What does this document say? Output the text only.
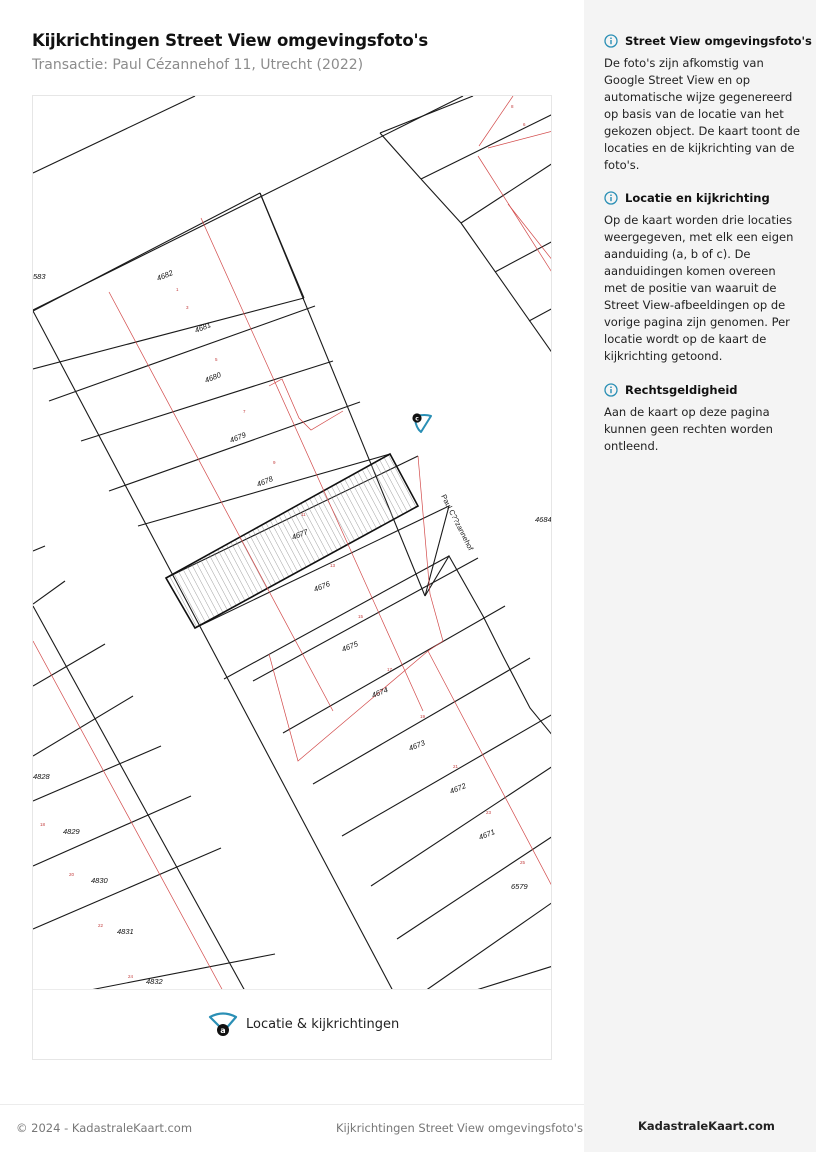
Kijkrichtingen Street View omgevingsfoto's
Transactie: Paul Cézannehof 11, Utrecht (2022)
Paul C??zannehof
583	4682
4681
4680
4679
4678
4677
4676
4675
4674
4673
4672
4671
6579
4684
4828
4829
4830
4831
4832
1
3
5
7
9
11
13
15
17
19
21
23
25
8
6
18
20
22
24
c
a Locatie & kijkrichtingen
Street View omgevingsfoto's
De foto's zijn afkomstig van Google Street View en op automatische wijze gegenereerd op basis van de locatie van het gekozen object. De kaart toont de locaties en de kijkrichting van de foto's.
Locatie en kijkrichting
Op de kaart worden drie locaties weergegeven, met elk een eigen aanduiding (a, b of c). De aanduidingen komen overeen met de positie van waaruit de Street View-afbeeldingen op de vorige pagina zijn genomen. Per locatie wordt op de kaart de kijkrichting getoond.
Rechtsgeldigheid
Aan de kaart op deze pagina kunnen geen rechten worden ontleend.
© 2024 - KadastraleKaart.com	Kijkrichtingen Street View omgevingsfoto's	KadastraleKaart.com
